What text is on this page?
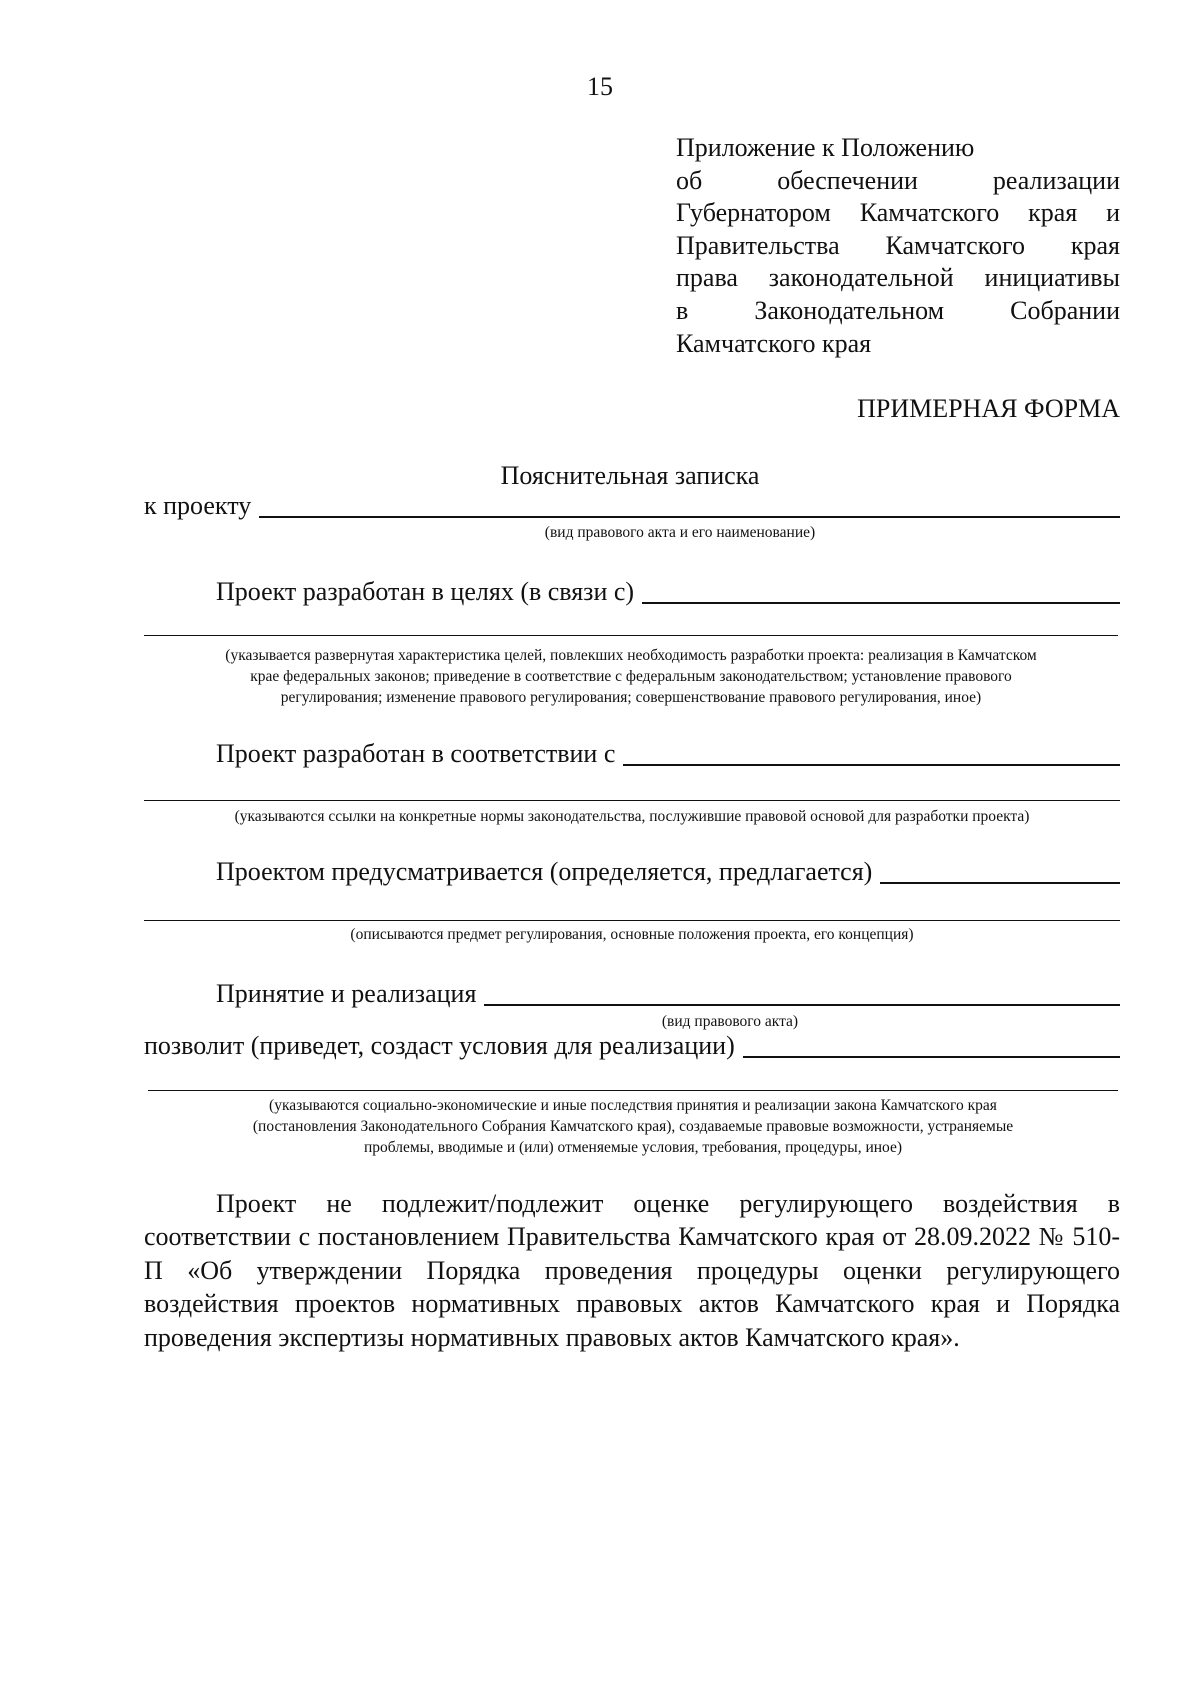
15
Приложение к Положению
об обеспечении реализации
Губернатором Камчатского края и
Правительства Камчатского края
права законодательной инициативы
в Законодательном Собрании
Камчатского края
ПРИМЕРНАЯ ФОРМА
Пояснительная записка
к проекту
(вид правового акта и его наименование)
Проект разработан в целях (в связи с)
(указывается развернутая характеристика целей, повлекших необходимость разработки проекта: реализация в Камчатском
крае федеральных законов; приведение в соответствие с федеральным законодательством; установление правового
регулирования; изменение правового регулирования; совершенствование правового регулирования, иное)
Проект разработан в соответствии с
(указываются ссылки на конкретные нормы законодательства, послужившие правовой основой для разработки проекта)
Проектом предусматривается (определяется, предлагается)
(описываются предмет регулирования, основные положения проекта, его концепция)
Принятие и реализация
(вид правового акта)
позволит (приведет, создаст условия для реализации)
(указываются социально-экономические и иные последствия принятия и реализации закона Камчатского края
(постановления Законодательного Собрания Камчатского края), создаваемые правовые возможности, устраняемые
проблемы, вводимые и (или) отменяемые условия, требования, процедуры, иное)
Проект не подлежит/подлежит оценке регулирующего воздействия в соответствии с постановлением Правительства Камчатского края от 28.09.2022 № 510-П «Об утверждении Порядка проведения процедуры оценки регулирующего воздействия проектов нормативных правовых актов Камчатского края и Порядка проведения экспертизы нормативных правовых актов Камчатского края».
